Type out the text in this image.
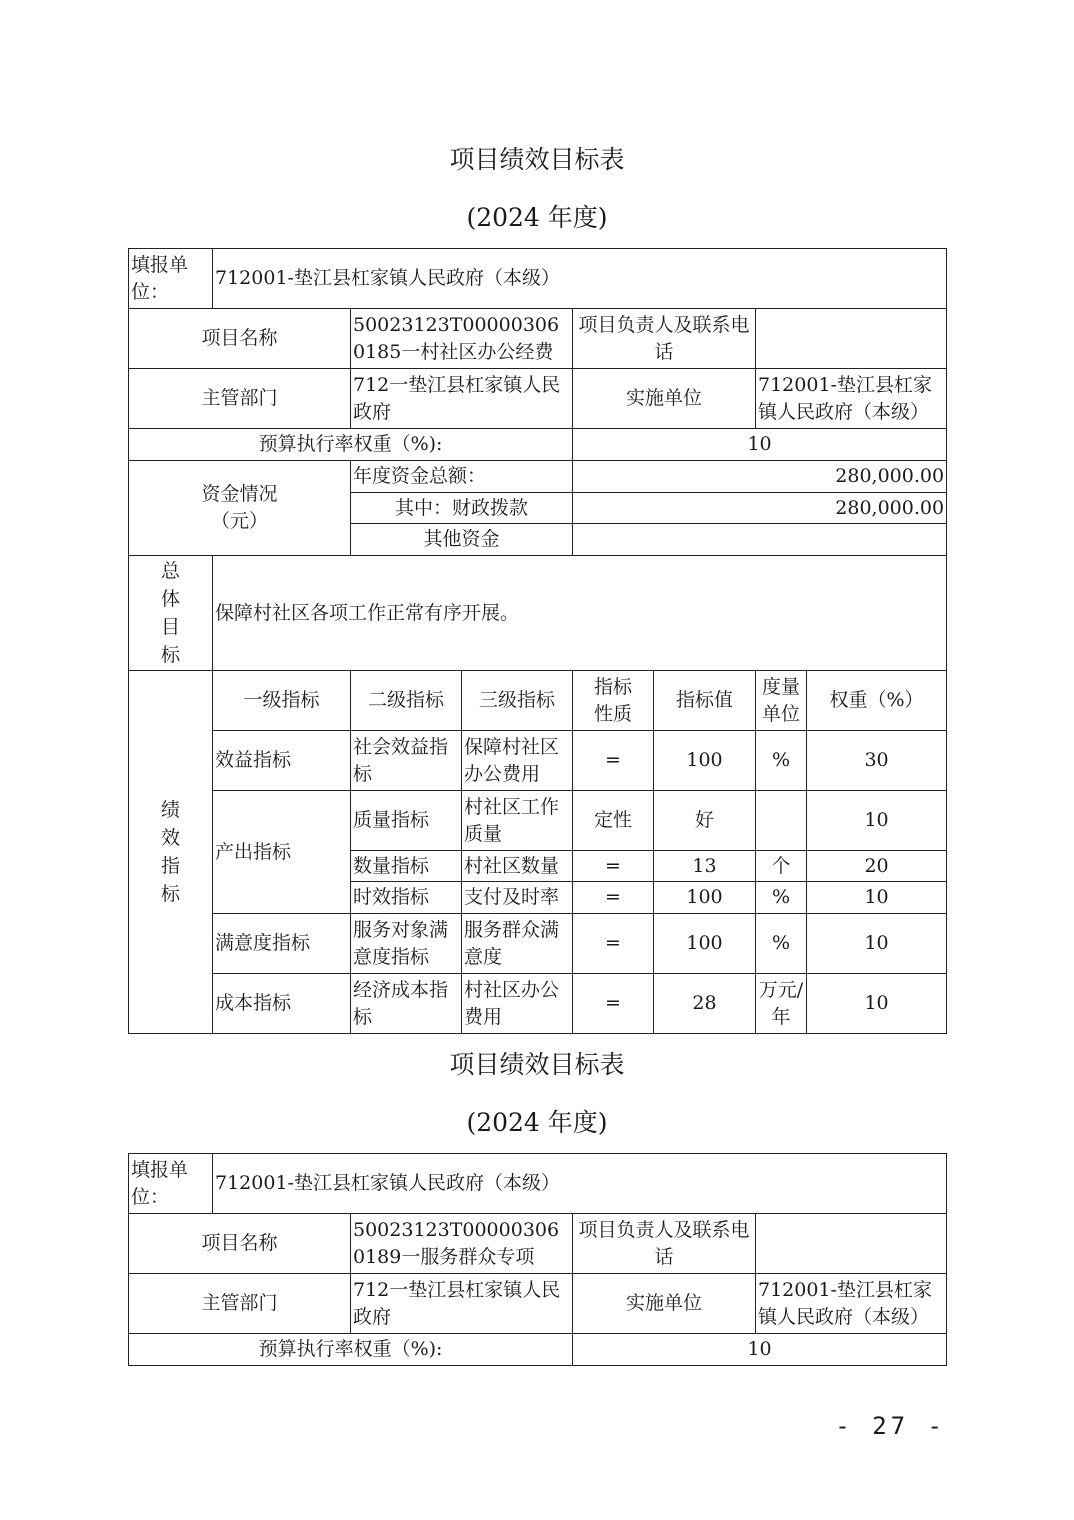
项目绩效目标表
(2024 年度)
填报单位：	712001-垫江县杠家镇人民政府（本级）						
项目名称		50023123T000003060185一村社区办公经费		项目负责人及联系电话			
主管部门		712一垫江县杠家镇人民政府		实施单位		712001-垫江县杠家镇人民政府（本级）	
预算执行率权重（%):				10			
资金情况（元）		年度资金总额：		280,000.00			
		其中：财政拨款		280,000.00			
		其他资金					
总体目标	保障村社区各项工作正常有序开展。						
绩效指标	一级指标	二级指标	三级指标	指标性质	指标值	度量单位	权重（%）
	效益指标	社会效益指标	保障村社区办公费用	=	100	%	30
	产出指标	质量指标	村社区工作质量	定性	好		10
		数量指标	村社区数量	=	13	个	20
		时效指标	支付及时率	=	100	%	10
	满意度指标	服务对象满意度指标	服务群众满意度	=	100	%	10
	成本指标	经济成本指标	村社区办公费用	=	28	万元/年	10
项目绩效目标表
(2024 年度)
填报单位：	712001-垫江县杠家镇人民政府（本级）			
项目名称		50023123T000003060189一服务群众专项	项目负责人及联系电话	
主管部门		712一垫江县杠家镇人民政府	实施单位	712001-垫江县杠家镇人民政府（本级）
预算执行率权重（%):			10	
- 27 -
